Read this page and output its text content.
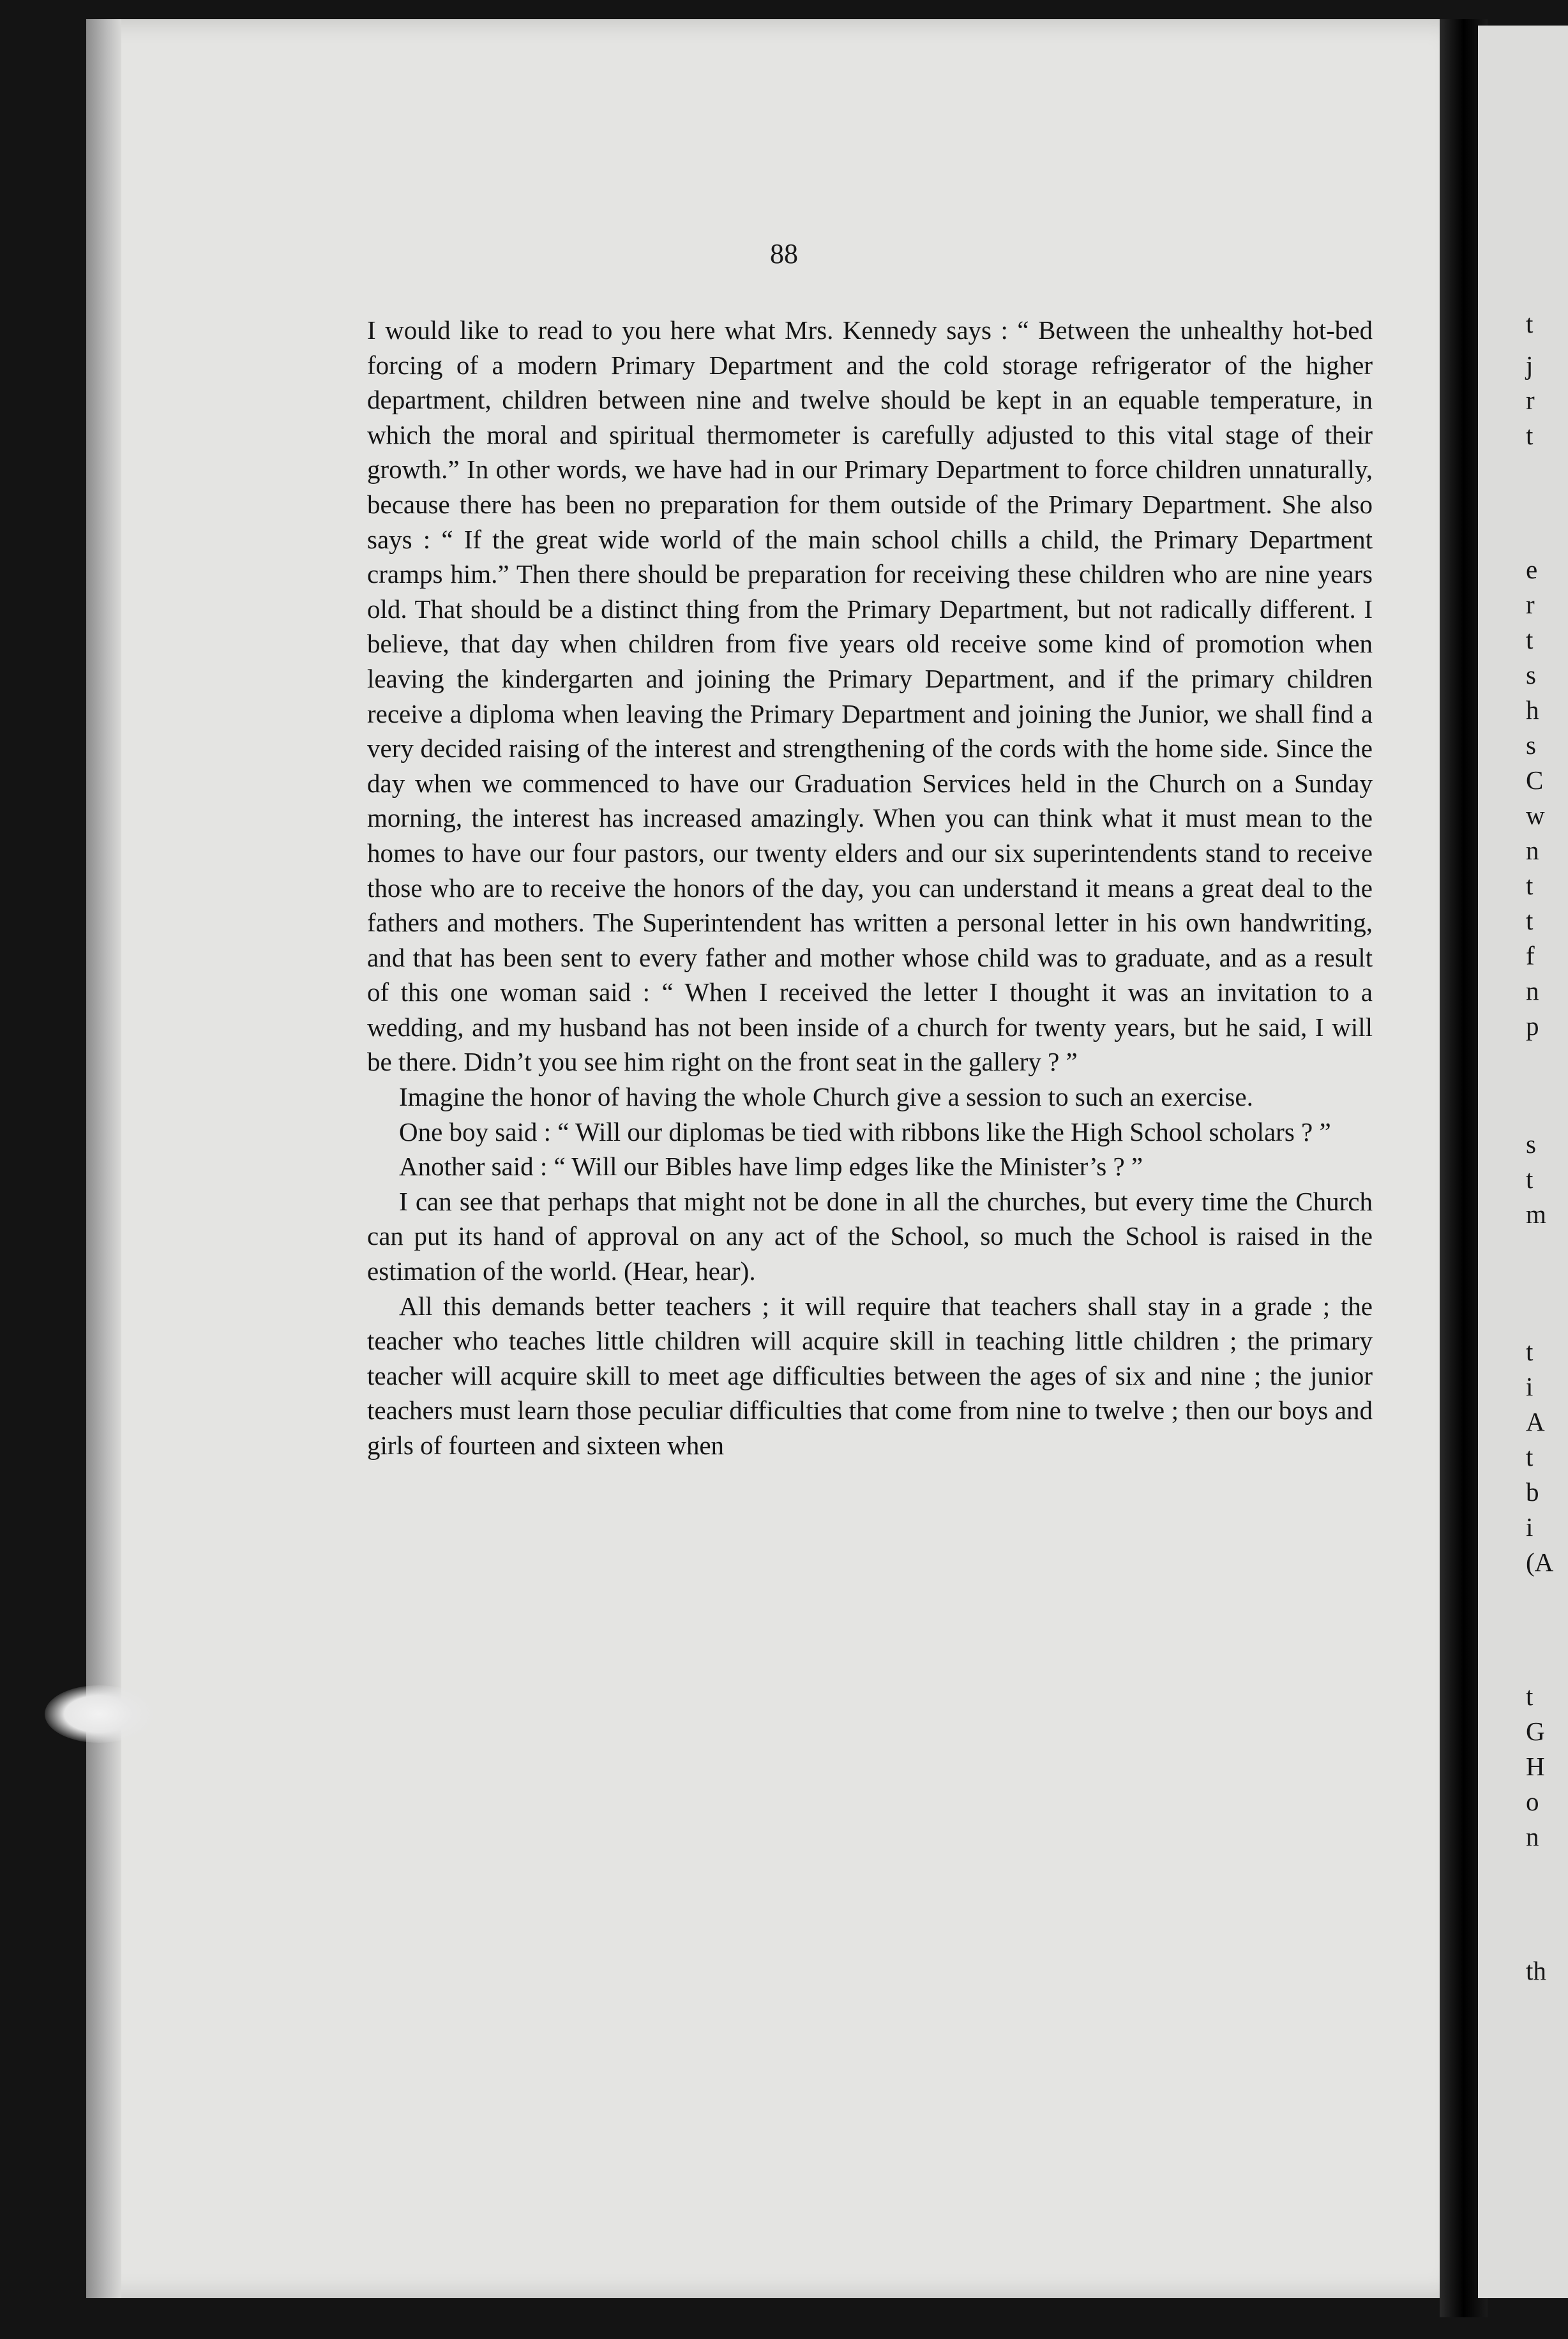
88

I would like to read to you here what Mrs. Kennedy says : “ Between the unhealthy hot-bed forcing of a modern Primary Department and the cold storage refrigerator of the higher department, children between nine and twelve should be kept in an equable temperature, in which the moral and spiritual thermometer is carefully adjusted to this vital stage of their growth.” In other words, we have had in our Primary Department to force children unnaturally, because there has been no preparation for them outside of the Primary Department. She also says : “ If the great wide world of the main school chills a child, the Primary Department cramps him.” Then there should be preparation for receiving these children who are nine years old. That should be a distinct thing from the Primary Department, but not radically different. I believe, that day when children from five years old receive some kind of promotion when leaving the kindergarten and joining the Primary Department, and if the primary children receive a diploma when leaving the Primary Department and joining the Junior, we shall find a very decided raising of the interest and strengthening of the cords with the home side. Since the day when we commenced to have our Graduation Services held in the Church on a Sunday morning, the interest has increased amazingly. When you can think what it must mean to the homes to have our four pastors, our twenty elders and our six superintendents stand to receive those who are to receive the honors of the day, you can understand it means a great deal to the fathers and mothers. The Superintendent has written a personal letter in his own handwriting, and that has been sent to every father and mother whose child was to graduate, and as a result of this one woman said : “ When I received the letter I thought it was an invitation to a wedding, and my husband has not been inside of a church for twenty years, but he said, I will be there. Didn’t you see him right on the front seat in the gallery ? ”

Imagine the honor of having the whole Church give a session to such an exercise.

One boy said : “ Will our diplomas be tied with ribbons like the High School scholars ? ”

Another said : “ Will our Bibles have limp edges like the Minister’s ? ”

I can see that perhaps that might not be done in all the churches, but every time the Church can put its hand of approval on any act of the School, so much the School is raised in the estimation of the world. (Hear, hear).

All this demands better teachers ; it will require that teachers shall stay in a grade ; the teacher who teaches little children will acquire skill in teaching little children ; the primary teacher will acquire skill to meet age difficulties between the ages of six and nine ; the junior teachers must learn those peculiar difficulties that come from nine to twelve ; then our boys and girls of fourteen and sixteen when

t
j
r
t
e
r
t
s
h
s
C
w
n
t
t
f
n
p
s
t
m
t
i
A
t
b
i
(A
t
G
H
o
n
th
